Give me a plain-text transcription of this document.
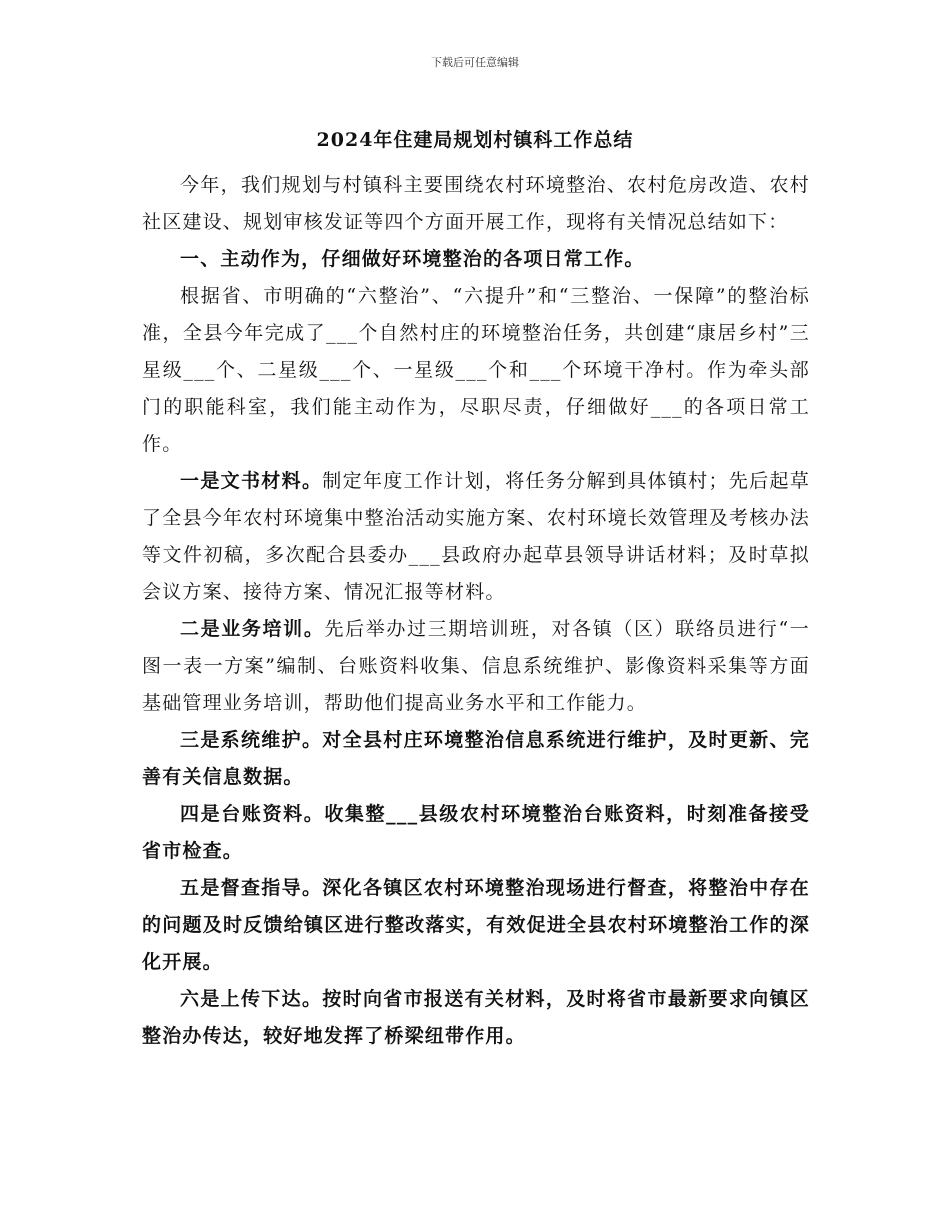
下载后可任意编辑
2024年住建局规划村镇科工作总结

今年，我们规划与村镇科主要围绕农村环境整治、农村危房改造、农村社区建设、规划审核发证等四个方面开展工作，现将有关情况总结如下：

一、主动作为，仔细做好环境整治的各项日常工作。

根据省、市明确的“六整治”、“六提升”和“三整治、一保障”的整治标准，全县今年完成了___个自然村庄的环境整治任务，共创建“康居乡村”三星级___个、二星级___个、一星级___个和___个环境干净村。作为牵头部门的职能科室，我们能主动作为，尽职尽责，仔细做好___的各项日常工作。

一是文书材料。制定年度工作计划，将任务分解到具体镇村；先后起草了全县今年农村环境集中整治活动实施方案、农村环境长效管理及考核办法等文件初稿，多次配合县委办___县政府办起草县领导讲话材料；及时草拟会议方案、接待方案、情况汇报等材料。

二是业务培训。先后举办过三期培训班，对各镇（区）联络员进行“一图一表一方案”编制、台账资料收集、信息系统维护、影像资料采集等方面基础管理业务培训，帮助他们提高业务水平和工作能力。

三是系统维护。对全县村庄环境整治信息系统进行维护，及时更新、完善有关信息数据。

四是台账资料。收集整___县级农村环境整治台账资料，时刻准备接受省市检查。

五是督查指导。深化各镇区农村环境整治现场进行督查，将整治中存在的问题及时反馈给镇区进行整改落实，有效促进全县农村环境整治工作的深化开展。

六是上传下达。按时向省市报送有关材料，及时将省市最新要求向镇区整治办传达，较好地发挥了桥梁纽带作用。
